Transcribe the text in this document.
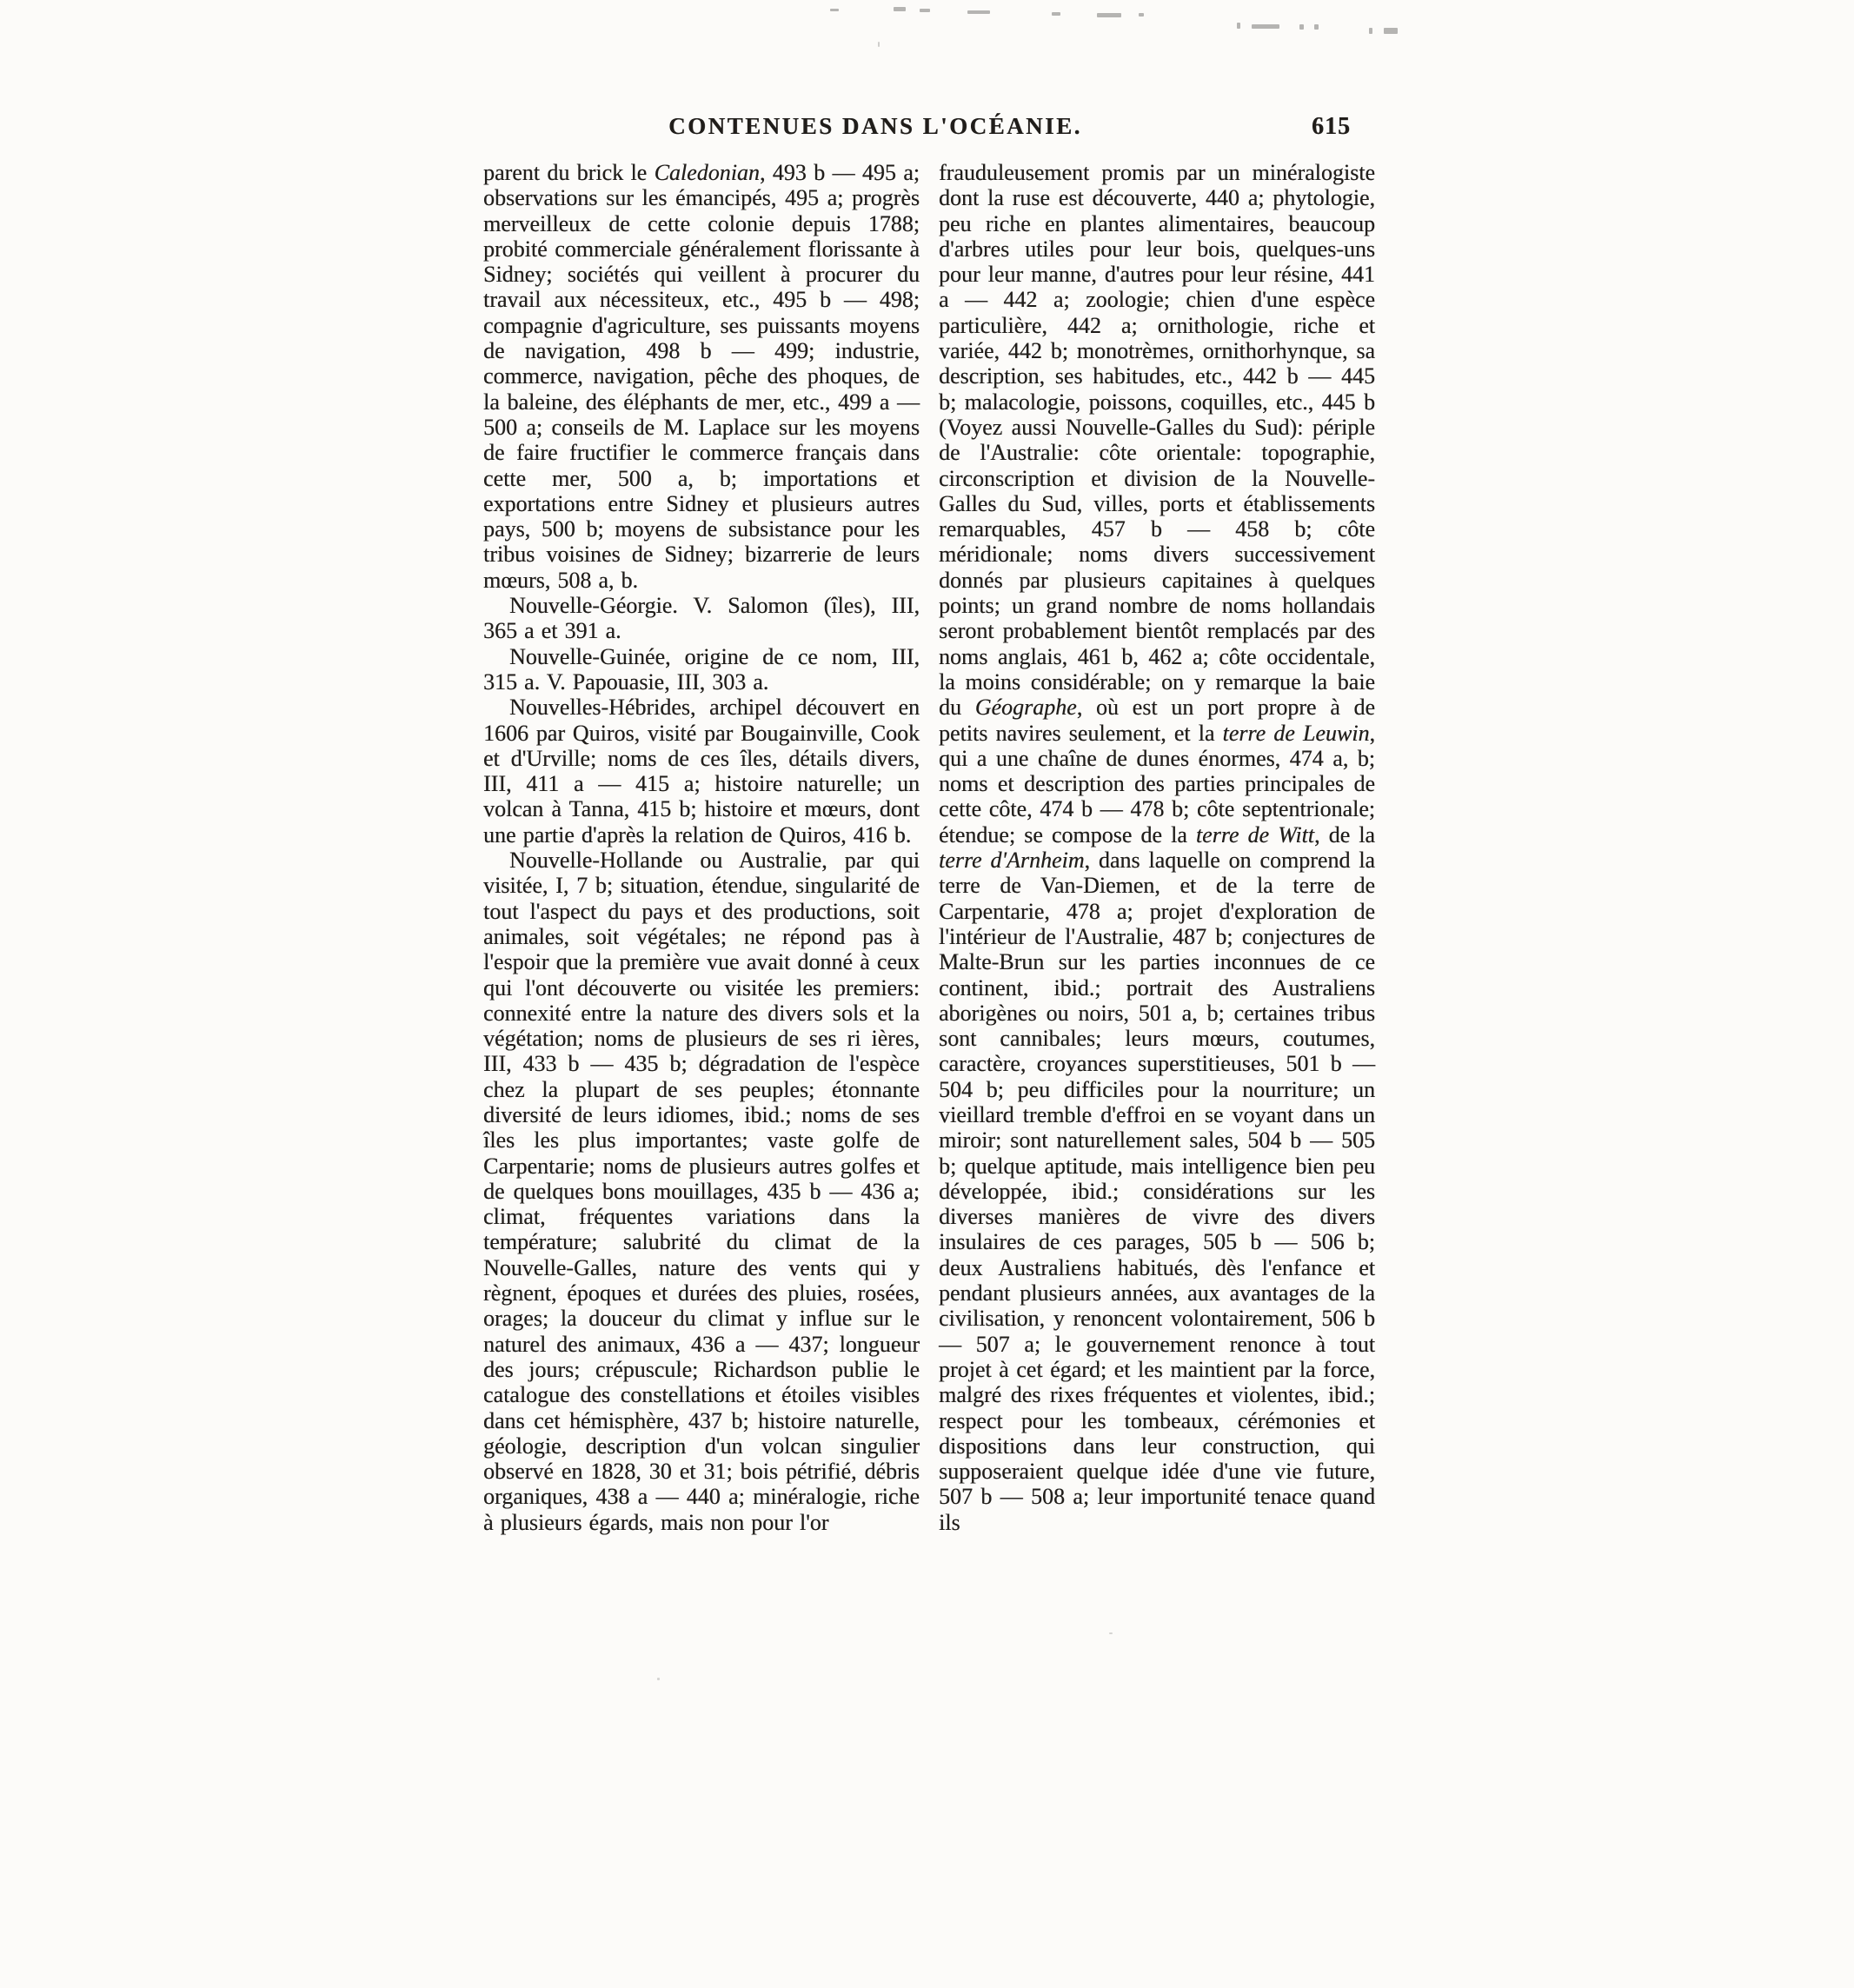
CONTENUES DANS L'OCÉANIE.	615

parent du brick le Caledonian, 493 b — 495 a; observations sur les émancipés, 495 a; progrès merveilleux de cette colonie depuis 1788; probité commerciale généralement florissante à Sidney; sociétés qui veillent à procurer du travail aux nécessiteux, etc., 495 b — 498; compagnie d'agriculture, ses puissants moyens de navigation, 498 b — 499; industrie, commerce, navigation, pêche des phoques, de la baleine, des éléphants de mer, etc., 499 a — 500 a; conseils de M. Laplace sur les moyens de faire fructifier le commerce français dans cette mer, 500 a, b; importations et exportations entre Sidney et plusieurs autres pays, 500 b; moyens de subsistance pour les tribus voisines de Sidney; bizarrerie de leurs mœurs, 508 a, b.

Nouvelle-Géorgie. V. Salomon (îles), III, 365 a et 391 a.

Nouvelle-Guinée, origine de ce nom, III, 315 a. V. Papouasie, III, 303 a.

Nouvelles-Hébrides, archipel découvert en 1606 par Quiros, visité par Bougainville, Cook et d'Urville; noms de ces îles, détails divers, III, 411 a — 415 a; histoire naturelle; un volcan à Tanna, 415 b; histoire et mœurs, dont une partie d'après la relation de Quiros, 416 b.

Nouvelle-Hollande ou Australie, par qui visitée, I, 7 b; situation, étendue, singularité de tout l'aspect du pays et des productions, soit animales, soit végétales; ne répond pas à l'espoir que la première vue avait donné à ceux qui l'ont découverte ou visitée les premiers: connexité entre la nature des divers sols et la végétation; noms de plusieurs de ses ri ières, III, 433 b — 435 b; dégradation de l'espèce chez la plupart de ses peuples; étonnante diversité de leurs idiomes, ibid.; noms de ses îles les plus importantes; vaste golfe de Carpentarie; noms de plusieurs autres golfes et de quelques bons mouillages, 435 b — 436 a; climat, fréquentes variations dans la température; salubrité du climat de la Nouvelle-Galles, nature des vents qui y règnent, époques et durées des pluies, rosées, orages; la douceur du climat y influe sur le naturel des animaux, 436 a — 437; longueur des jours; crépuscule; Richardson publie le catalogue des constellations et étoiles visibles dans cet hémisphère, 437 b; histoire naturelle, géologie, description d'un volcan singulier observé en 1828, 30 et 31; bois pétrifié, débris organiques, 438 a — 440 a; minéralogie, riche à plusieurs égards, mais non pour l'or

frauduleusement promis par un minéralogiste dont la ruse est découverte, 440 a; phytologie, peu riche en plantes alimentaires, beaucoup d'arbres utiles pour leur bois, quelques-uns pour leur manne, d'autres pour leur résine, 441 a — 442 a; zoologie; chien d'une espèce particulière, 442 a; ornithologie, riche et variée, 442 b; monotrèmes, ornithorhynque, sa description, ses habitudes, etc., 442 b — 445 b; malacologie, poissons, coquilles, etc., 445 b (Voyez aussi Nouvelle-Galles du Sud): périple de l'Australie: côte orientale: topographie, circonscription et division de la Nouvelle-Galles du Sud, villes, ports et établissements remarquables, 457 b — 458 b; côte méridionale; noms divers successivement donnés par plusieurs capitaines à quelques points; un grand nombre de noms hollandais seront probablement bientôt remplacés par des noms anglais, 461 b, 462 a; côte occidentale, la moins considérable; on y remarque la baie du Géographe, où est un port propre à de petits navires seulement, et la terre de Leuwin, qui a une chaîne de dunes énormes, 474 a, b; noms et description des parties principales de cette côte, 474 b — 478 b; côte septentrionale; étendue; se compose de la terre de Witt, de la terre d'Arnheim, dans laquelle on comprend la terre de Van-Diemen, et de la terre de Carpentarie, 478 a; projet d'exploration de l'intérieur de l'Australie, 487 b; conjectures de Malte-Brun sur les parties inconnues de ce continent, ibid.; portrait des Australiens aborigènes ou noirs, 501 a, b; certaines tribus sont cannibales; leurs mœurs, coutumes, caractère, croyances superstitieuses, 501 b — 504 b; peu difficiles pour la nourriture; un vieillard tremble d'effroi en se voyant dans un miroir; sont naturellement sales, 504 b — 505 b; quelque aptitude, mais intelligence bien peu développée, ibid.; considérations sur les diverses manières de vivre des divers insulaires de ces parages, 505 b — 506 b; deux Australiens habitués, dès l'enfance et pendant plusieurs années, aux avantages de la civilisation, y renoncent volontairement, 506 b — 507 a; le gouvernement renonce à tout projet à cet égard; et les maintient par la force, malgré des rixes fréquentes et violentes, ibid.; respect pour les tombeaux, cérémonies et dispositions dans leur construction, qui supposeraient quelque idée d'une vie future, 507 b — 508 a; leur importunité tenace quand ils
